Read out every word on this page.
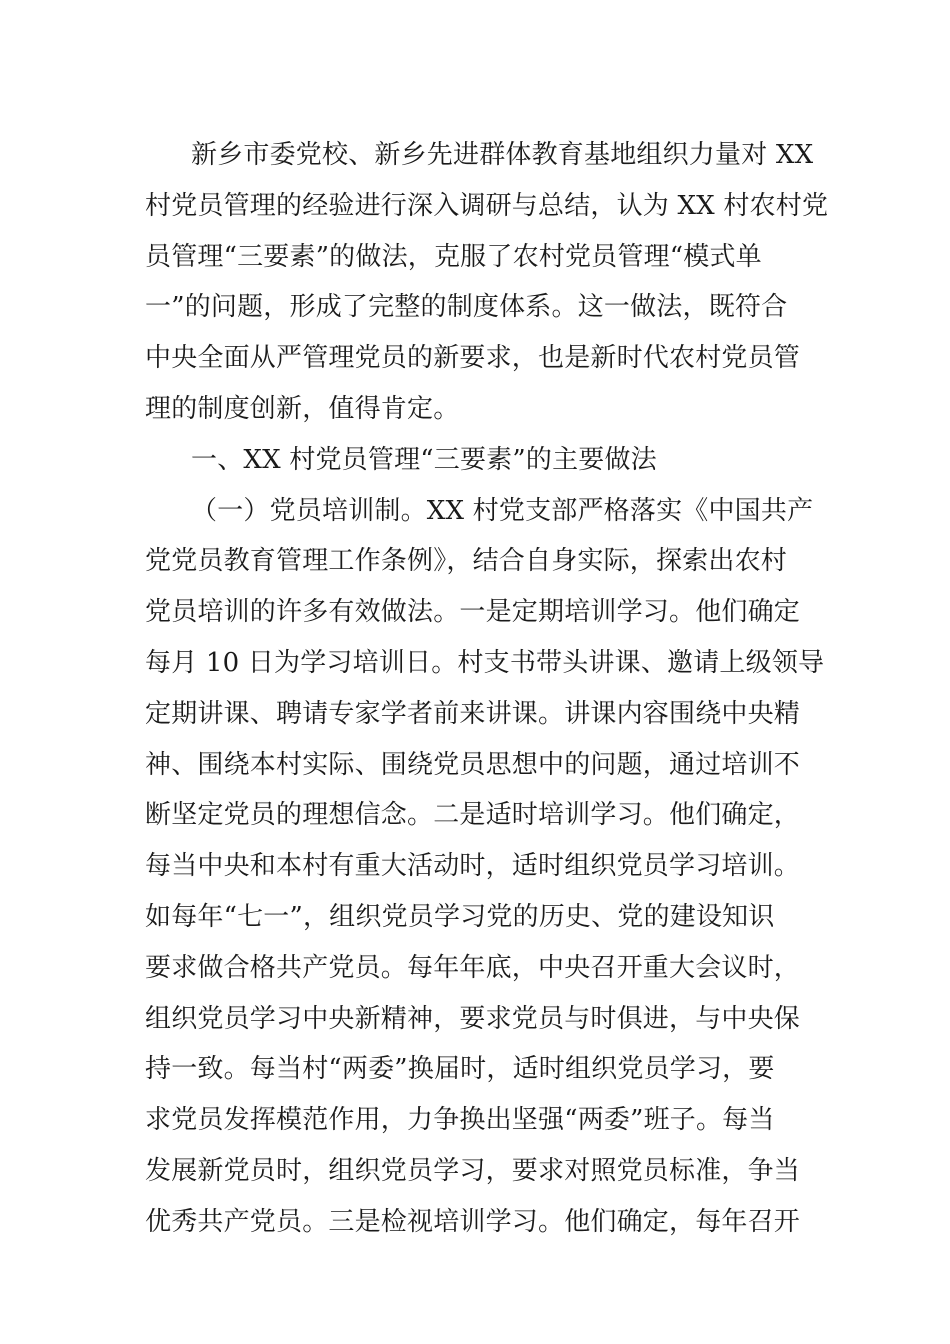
新乡市委党校、新乡先进群体教育基地组织力量对 XX
村党员管理的经验进行深入调研与总结，认为 XX 村农村党
员管理“三要素”的做法，克服了农村党员管理“模式单
一”的问题，形成了完整的制度体系。这一做法，既符合
中央全面从严管理党员的新要求，也是新时代农村党员管
理的制度创新，值得肯定。
一、XX 村党员管理“三要素”的主要做法
（一）党员培训制。XX 村党支部严格落实《中国共产
党党员教育管理工作条例》，结合自身实际，探索出农村
党员培训的许多有效做法。一是定期培训学习。他们确定
每月 10 日为学习培训日。村支书带头讲课、邀请上级领导
定期讲课、聘请专家学者前来讲课。讲课内容围绕中央精
神、围绕本村实际、围绕党员思想中的问题，通过培训不
断坚定党员的理想信念。二是适时培训学习。他们确定，
每当中央和本村有重大活动时，适时组织党员学习培训。
如每年“七一”，组织党员学习党的历史、党的建设知识
要求做合格共产党员。每年年底，中央召开重大会议时，
组织党员学习中央新精神，要求党员与时俱进，与中央保
持一致。每当村“两委”换届时，适时组织党员学习，要
求党员发挥模范作用，力争换出坚强“两委”班子。每当
发展新党员时，组织党员学习，要求对照党员标准，争当
优秀共产党员。三是检视培训学习。他们确定，每年召开
